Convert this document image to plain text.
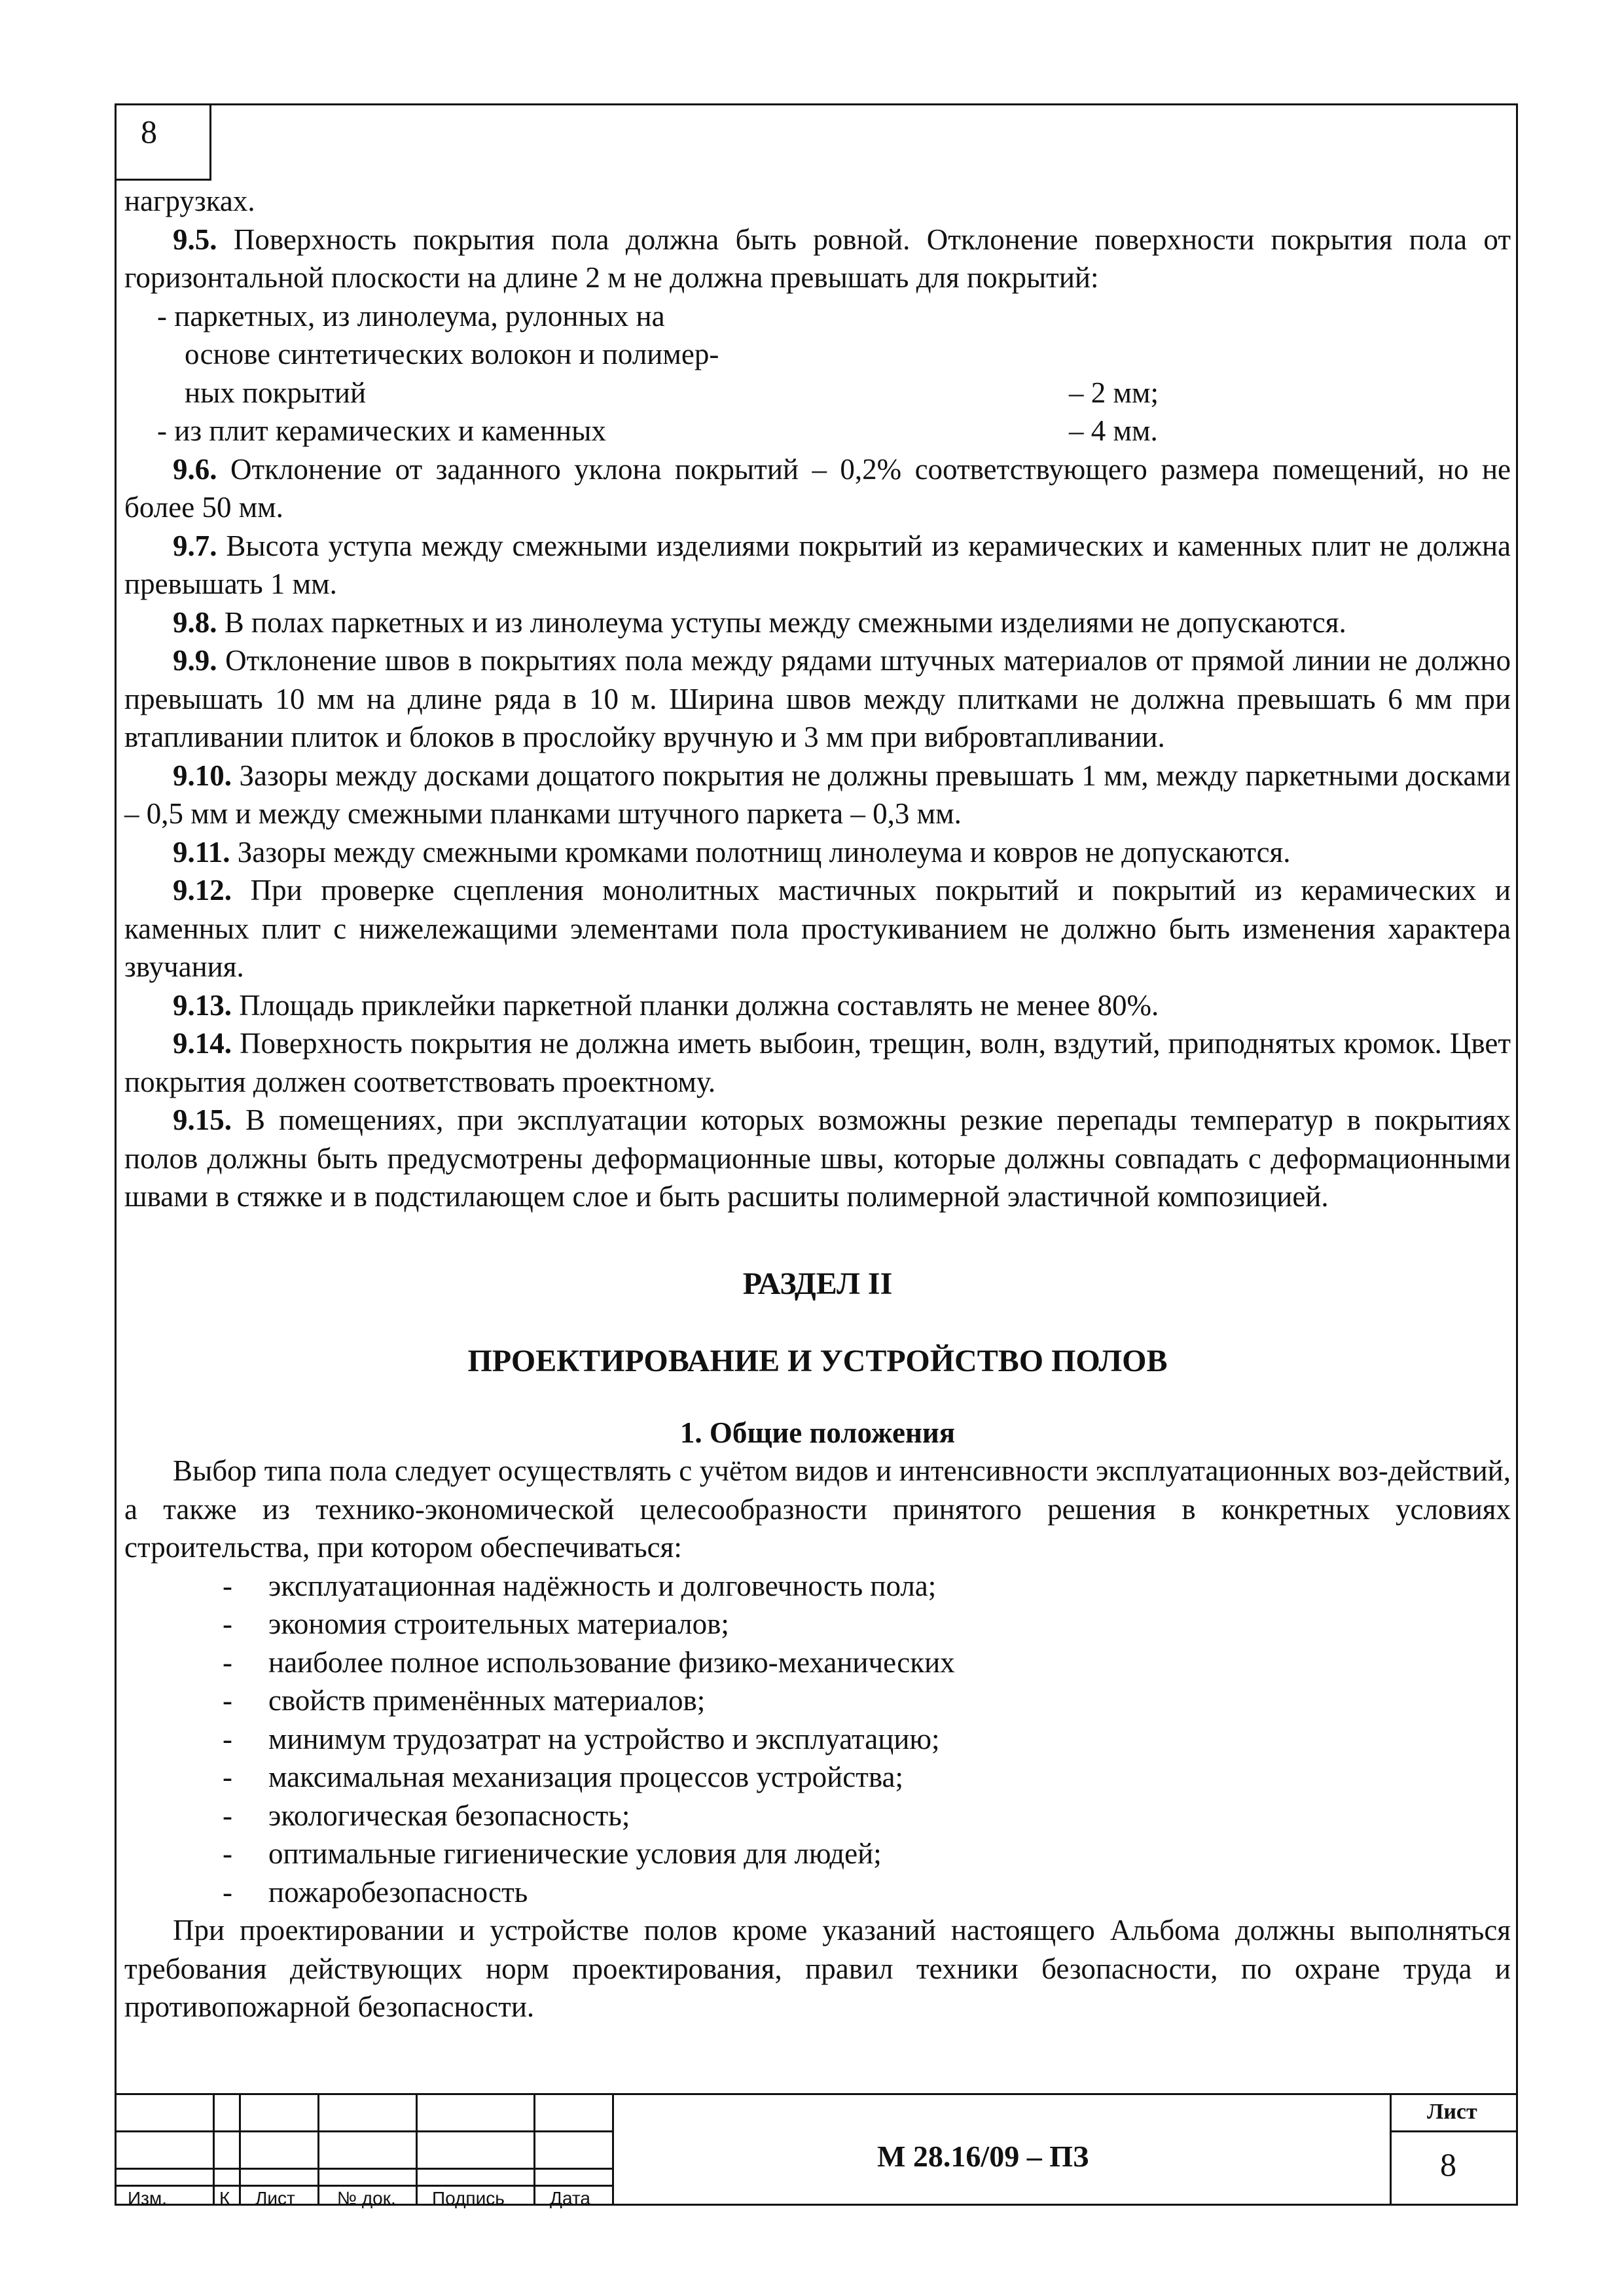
8

нагрузках.

9.5. Поверхность покрытия пола должна быть ровной. Отклонение поверхности покрытия пола от горизонтальной плоскости на длине 2 м не должна превышать для покрытий:

- паркетных, из линолеума, рулонных на
основе синтетических волокон и полимер-
ных покрытий	– 2 мм;
- из плит керамических и каменных	– 4 мм.

9.6. Отклонение от заданного уклона покрытий – 0,2% соответствующего размера помещений, но не более 50 мм.

9.7. Высота уступа между смежными изделиями покрытий из керамических и каменных плит не должна превышать 1 мм.

9.8. В полах паркетных и из линолеума уступы между смежными изделиями не допускаются.

9.9. Отклонение швов в покрытиях пола между рядами штучных материалов от прямой линии не должно превышать 10 мм на длине ряда в 10 м. Ширина швов между плитками не должна превышать 6 мм при втапливании плиток и блоков в прослойку вручную и 3 мм при вибровтапливании.

9.10. Зазоры между досками дощатого покрытия не должны превышать 1 мм, между паркетными досками – 0,5 мм и между смежными планками штучного паркета – 0,3 мм.

9.11. Зазоры между смежными кромками полотнищ линолеума и ковров не допускаются.

9.12. При проверке сцепления монолитных мастичных покрытий и покрытий из керамических и каменных плит с нижележащими элементами пола простукиванием не должно быть изменения характера звучания.

9.13. Площадь приклейки паркетной планки должна составлять не менее 80%.

9.14. Поверхность покрытия не должна иметь выбоин, трещин, волн, вздутий, приподнятых кромок. Цвет покрытия должен соответствовать проектному.

9.15. В помещениях, при эксплуатации которых возможны резкие перепады температур в покрытиях полов должны быть предусмотрены деформационные швы, которые должны совпадать с деформационными швами в стяжке и в подстилающем слое и быть расшиты полимерной эластичной композицией.

РАЗДЕЛ II
ПРОЕКТИРОВАНИЕ И УСТРОЙСТВО ПОЛОВ
1. Общие положения

Выбор типа пола следует осуществлять с учётом видов и интенсивности эксплуатационных воз-действий, а также из технико-экономической целесообразности принятого решения в конкретных условиях строительства, при котором обеспечиваться:

-	эксплуатационная надёжность и долговечность пола;
-	экономия строительных материалов;
-	наиболее полное использование физико-механических
-	свойств применённых материалов;
-	минимум трудозатрат на устройство и эксплуатацию;
-	максимальная механизация процессов устройства;
-	экологическая безопасность;
-	оптимальные гигиенические условия для людей;
-	пожаробезопасность

При проектировании и устройстве полов кроме указаний настоящего Альбома должны выполняться требования действующих норм проектирования, правил техники безопасности, по охране труда и противопожарной безопасности.

Изм.	К Лист № док. Подпись Дата
М 28.16/09 – ПЗ
Лист
8
